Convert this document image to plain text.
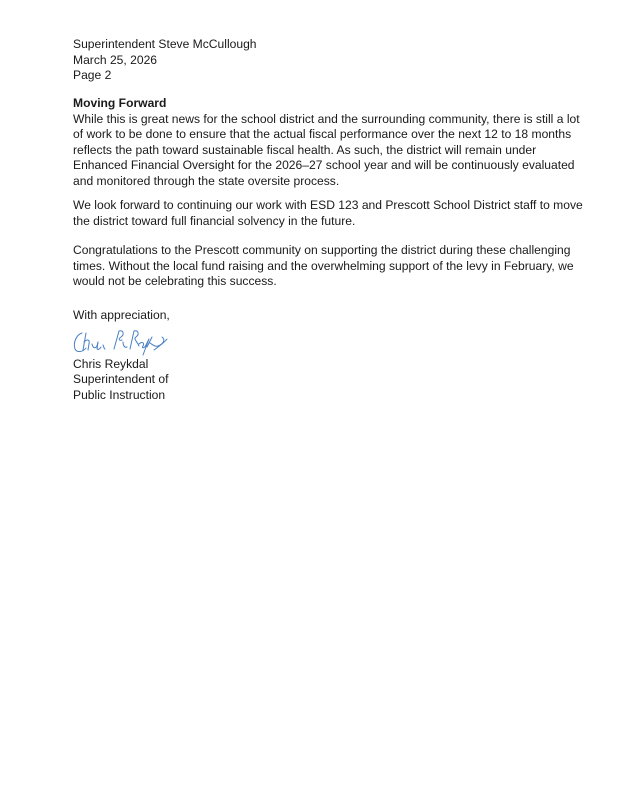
Superintendent Steve McCullough
March 25, 2026
Page 2
Moving Forward
While this is great news for the school district and the surrounding community, there is still a lot
of work to be done to ensure that the actual fiscal performance over the next 12 to 18 months
reflects the path toward sustainable fiscal health. As such, the district will remain under
Enhanced Financial Oversight for the 2026–27 school year and will be continuously evaluated
and monitored through the state oversite process.
We look forward to continuing our work with ESD 123 and Prescott School District staff to move
the district toward full financial solvency in the future.
Congratulations to the Prescott community on supporting the district during these challenging
times. Without the local fund raising and the overwhelming support of the levy in February, we
would not be celebrating this success.
With appreciation,
Chris Reykdal
Superintendent of
Public Instruction
